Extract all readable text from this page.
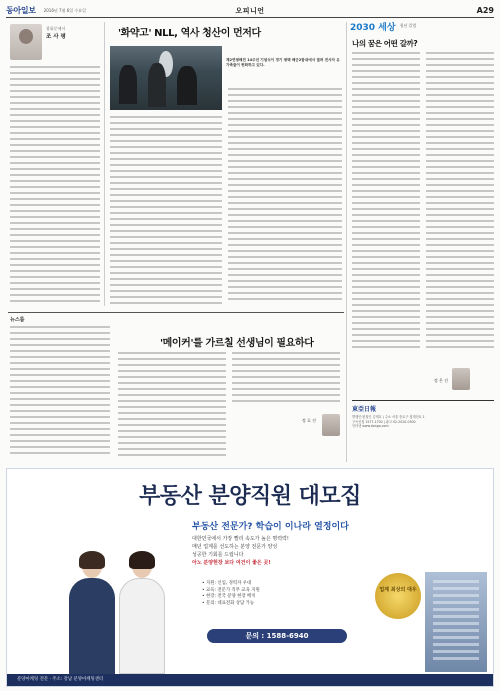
동아일보 2016년 7월 6일 수요일	오피니언	A29
광화문에서
조 사 평	'화약고' NLL, 역사 청산이 먼저다
제2연평해전 14주년 기념식이 경기 평택 해군2함대에서 열려 전사자 유가족들이 헌화하고 있다.
2030 세상 청년 칼럼
나의 꿈은 어떤 갈까?
정 은 진
뉴스룸
'메이커'를 가르칠 선생님이 필요하다
정 호 진
東亞日報
발행인·편집인 김재호 | 주소 서울 종로구 청계천로 1
구독신청 1577-1700 | 광고 02-2020-0300
인터넷 www.donga.com
부동산 분양직원 대모집
부동산 전문가? 학습이 이나라 열정이다
대한민국에서 가장 빨리 속도가 높은 명력력!
매년 업계를 선도하는 분양 전문가 양성
성공한 기회를 드립니다
아노 분양현장 보다 여건이 좋은 곳!
• 지원: 신입, 경력자 우대
• 교육: 전문가 직무 교육 지원
• 현장: 전국 분양 현장 배치
• 문의: 대표전화 상담 가능
문의 : 1588-6940
업계 최상의 대우
분양마케팅 전문 · 주소: 강남 분양마케팅센터
